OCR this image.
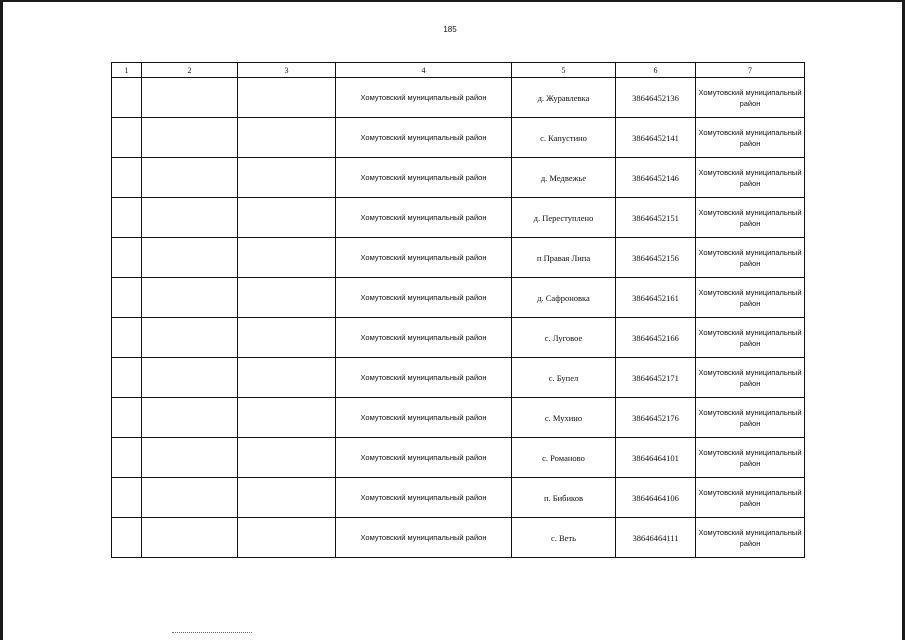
185
1	2	3	4	5	6	7
			Хомутовский муниципальный район	д. Журавлевка	38646452136	Хомутовский муниципальный район
			Хомутовский муниципальный район	с. Капустино	38646452141	Хомутовский муниципальный район
			Хомутовский муниципальный район	д. Медвежье	38646452146	Хомутовский муниципальный район
			Хомутовский муниципальный район	д. Переступлено	38646452151	Хомутовский муниципальный район
			Хомутовский муниципальный район	п Правая Липа	38646452156	Хомутовский муниципальный район
			Хомутовский муниципальный район	д. Сафроновка	38646452161	Хомутовский муниципальный район
			Хомутовский муниципальный район	с. Луговое	38646452166	Хомутовский муниципальный район
			Хомутовский муниципальный район	с. Бупел	38646452171	Хомутовский муниципальный район
			Хомутовский муниципальный район	с. Мухино	38646452176	Хомутовский муниципальный район
			Хомутовский муниципальный район	с. Романово	38646464101	Хомутовский муниципальный район
			Хомутовский муниципальный район	п. Бибиков	38646464106	Хомутовский муниципальный район
			Хомутовский муниципальный район	с. Веть	38646464111	Хомутовский муниципальный район
